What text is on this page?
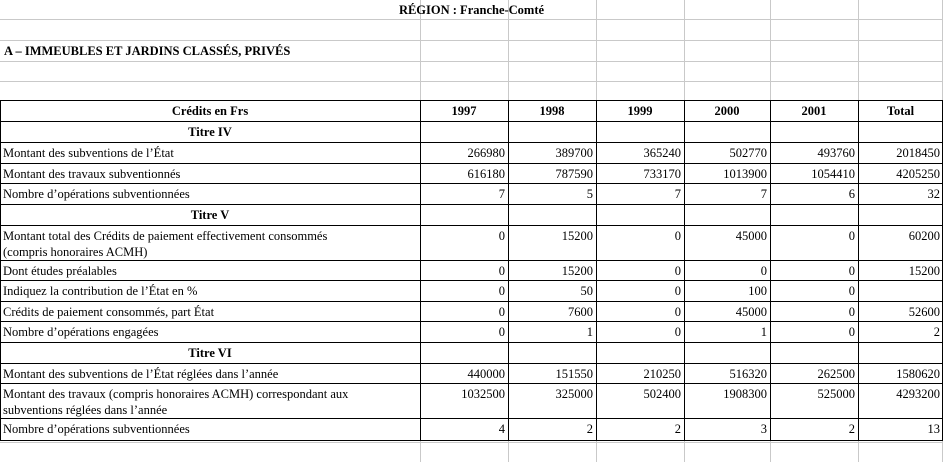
RÉGION : Franche-Comté
A – IMMEUBLES ET JARDINS CLASSÉS, PRIVÉS
Crédits en Frs	1997	1998	1999	2000	2001	Total
Titre IV
Montant des subventions de l’État	266980	389700	365240	502770	493760	2018450
Montant des travaux subventionnés	616180	787590	733170	1013900	1054410	4205250
Nombre d’opérations subventionnées	7	5	7	7	6	32
Titre V
Montant total des Crédits de paiement effectivement consommés
(compris honoraires ACMH)
0	15200	0	45000	0	60200
Dont études préalables	0	15200	0	0	0	15200
Indiquez la contribution de l’État en %	0	50	0	100	0
Crédits de paiement consommés, part État	0	7600	0	45000	0	52600
Nombre d’opérations engagées	0	1	0	1	0	2
Titre VI
Montant des subventions de l’État réglées dans l’année	440000	151550	210250	516320	262500	1580620
Montant des travaux (compris honoraires ACMH) correspondant aux
subventions réglées dans l’année
1032500	325000	502400	1908300	525000	4293200
Nombre d’opérations subventionnées	4	2	2	3	2	13
